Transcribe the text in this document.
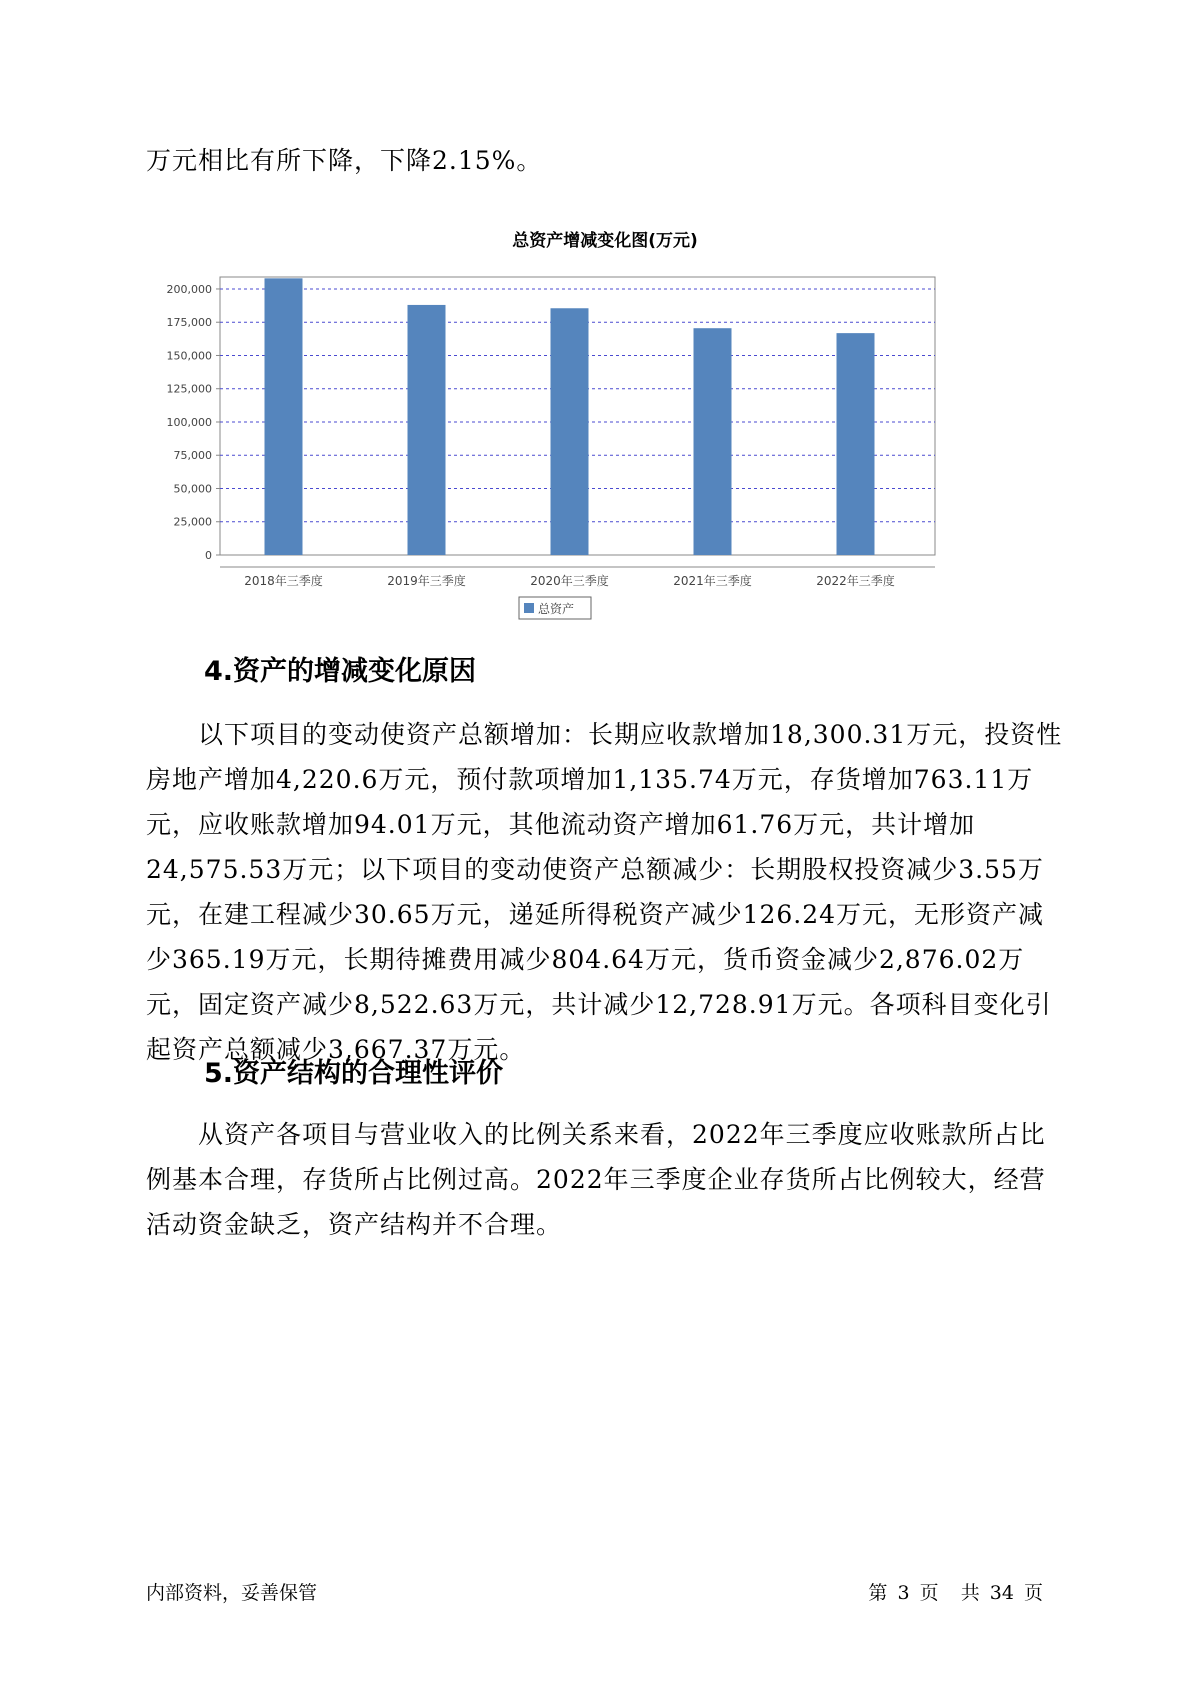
万元相比有所下降，下降2.15%。

总资产增减变化图(万元)
0
25,000
50,000
75,000
100,000
125,000
150,000
175,000
200,000
2018年三季度	2019年三季度	2020年三季度	2021年三季度	2022年三季度
总资产
4.资产的增减变化原因

以下项目的变动使资产总额增加：长期应收款增加18,300.31万元，投资性房地产增加4,220.6万元，预付款项增加1,135.74万元，存货增加763.11万元，应收账款增加94.01万元，其他流动资产增加61.76万元，共计增加24,575.53万元；以下项目的变动使资产总额减少：长期股权投资减少3.55万元，在建工程减少30.65万元，递延所得税资产减少126.24万元，无形资产减少365.19万元，长期待摊费用减少804.64万元，货币资金减少2,876.02万元，固定资产减少8,522.63万元，共计减少12,728.91万元。各项科目变化引起资产总额减少3,667.37万元。

5.资产结构的合理性评价

从资产各项目与营业收入的比例关系来看，2022年三季度应收账款所占比例基本合理，存货所占比例过高。2022年三季度企业存货所占比例较大，经营活动资金缺乏，资产结构并不合理。

内部资料，妥善保管	第 3 页 共 34 页
